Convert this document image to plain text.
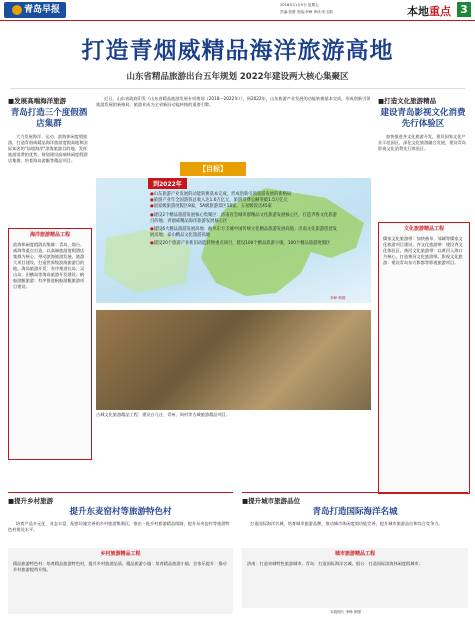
青岛早报	2018年11月9日 星期五
责编:侯蕾 美编:李峥 审读:宋玉娟	本地重点 3
打造青烟威精品海洋旅游高地
山东省精品旅游出台五年规划 2022年建设两大核心集聚区
■发展高端海洋旅游
青岛打造三个度假酒店集群
大力发展海洋、运动、滨海休闲度假旅游，打造青烟威精品海洋旅游度假高地和国际知名的"仙境海岸"滨海旅游目的地。发挥旅游消费的优势，规划建设高端休闲度假酒店集群，培育海岛游艇等精品项目。
海洋旅游精品工程
滨海休闲度假酒店集群：青岛、烟台、威海等重点打造，以高端旅游度假酒店集群为核心，带动滨海旅游发展。旅游大项目建设，打造世界级滨海旅游目的地。海岛旅游开发：有序推进长岛、灵山岛、田横岛等海岛旅游开发建设。帆船游艇旅游：有序推进帆船游艇旅游项目建设。
近日，山东省政府印发《山东省精品旅游发展专项规划（2018—2022年）》，到2022年，山东旅游产业发展的动能转换基本完成，形成创新引领旅游发展的新格局，旅游业成为全省新旧动能转换的重要引擎。
【目标】
到2022年
●山东旅游产业发展的动能转换基本完成，形成创新引领旅游发展的新格局
●旅游产业年全国游客总收入达1.6万亿元，旅游消费总额突破1.5万亿元
●国家级旅游度假区8家，5A级旅游景区18家，五星级饭店45家
●建设2个精品旅游发展核心集聚区：济南省会城市群精品文化旅游发展核心区，打造齐鲁文化旅游目的地；青烟威精品海洋旅游发展核心区
●建设6大精品旅游发展高地：曲阜东方圣城中国传统文化精品旅游发展高地；济南文化旅游创意发展高地；泰山精品文化旅游高地
●建设20个旅游产业新旧动能转换重点项目，建设100个精品旅游小镇，100个精品旅游度假区
李峥 制图
■打造文化旅游精品
建设青岛影视文化消费先行体验区
加快推进齐文化旅游开发，建设国家文化产业示范园区，深化文化旅游融合发展，建设青岛影视文化消费先行体验区。
文化旅游精品工程
儒家文化旅游带：加快曲阜、邹城等儒家文化旅游项目建设。齐文化旅游带：建设齐文化体验区。黄河文化旅游带：以黄河入海口为核心，打造黄河文化旅游带。影视文化旅游：建设青岛东方影都等影视旅游项目。
古城文化旅游精品工程：建设台儿庄、青州、周村等古城旅游精品项目。
■提升乡村旅游
提升东麦窑村等旅游特色村
培育产品多元化、业态丰富、配套设施完善的乡村旅游集聚区，推出一批乡村旅游精品线路，提升东麦窑村等旅游特色村建设水平。
乡村旅游精品工程
精品旅游特色村：培育精品旅游特色村，提升乡村旅游品质。精品旅游小镇：培育精品旅游小镇。农家乐提升：推动乡村旅游提档升级。
■提升城市旅游品位
青岛打造国际海洋名城
打造国际海洋名城，培育城市旅游品牌，推动城市休闲度假功能完善，提升城市旅游品位和综合竞争力。
城市旅游精品工程
济南：打造泉城特色旅游城市。青岛：打造国际海洋名城。烟台：打造国际滨海休闲度假城市。
本版图片 李峥 制图
